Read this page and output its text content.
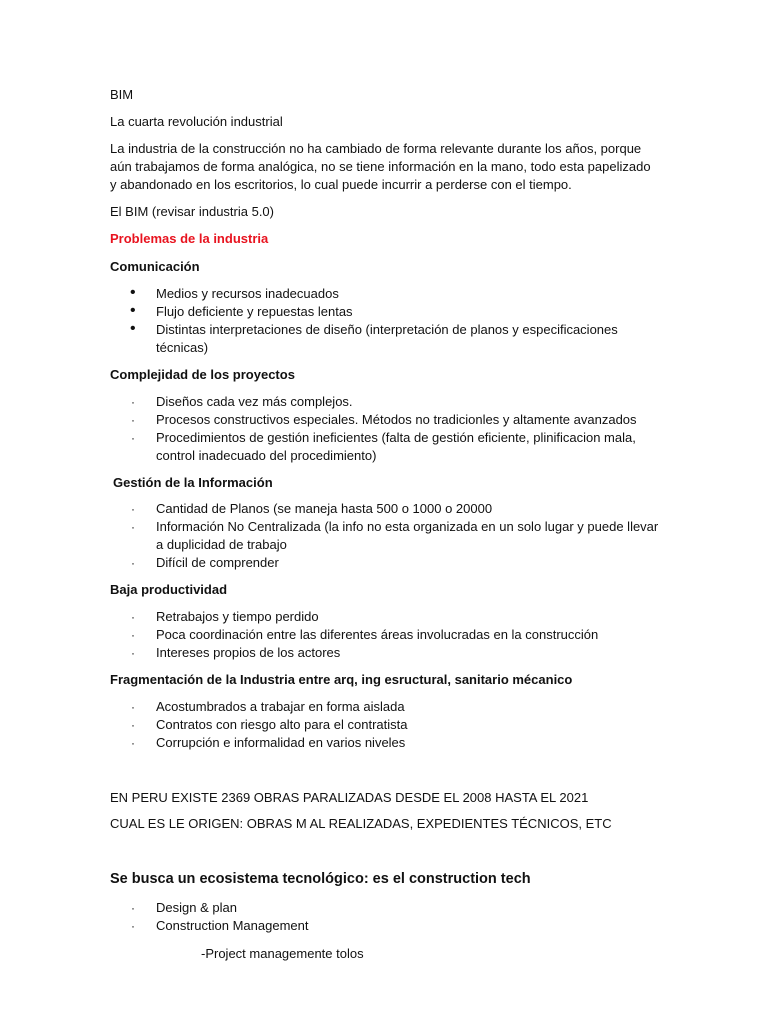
BIM
La cuarta revolución industrial
La industria de la construcción no ha cambiado de forma relevante durante los años, porque
aún trabajamos de forma analógica, no se tiene información en la mano, todo esta papelizado
y abandonado en los escritorios, lo cual puede incurrir a perderse con el tiempo.
El BIM (revisar industria 5.0)
Problemas de la industria
Comunicación
•	Medios y recursos inadecuados
•	Flujo deficiente y repuestas lentas
•	Distintas interpretaciones de diseño (interpretación de planos y especificaciones
técnicas)
Complejidad de los proyectos
·	Diseños cada vez más complejos.
·	Procesos constructivos especiales. Métodos no tradicionles y altamente avanzados
·	Procedimientos de gestión ineficientes (falta de gestión eficiente, plinificacion mala,
control inadecuado del procedimiento)
Gestión de la Información
·	Cantidad de Planos (se maneja hasta 500 o 1000 o 20000
·	Información No Centralizada (la info no esta organizada en un solo lugar y puede llevar
a duplicidad de trabajo
·	Difícil de comprender
Baja productividad
·	Retrabajos y tiempo perdido
·	Poca coordinación entre las diferentes áreas involucradas en la construcción
·	Intereses propios de los actores
Fragmentación de la Industria entre arq, ing esructural, sanitario mécanico
·	Acostumbrados a trabajar en forma aislada
·	Contratos con riesgo alto para el contratista
·	Corrupción e informalidad en varios niveles
EN PERU EXISTE 2369 OBRAS PARALIZADAS DESDE EL 2008 HASTA EL 2021
CUAL ES LE ORIGEN: OBRAS M AL REALIZADAS, EXPEDIENTES TÉCNICOS, ETC
Se busca un ecosistema tecnológico: es el construction tech
·	Design & plan
·	Construction Management
-Project managemente tolos
